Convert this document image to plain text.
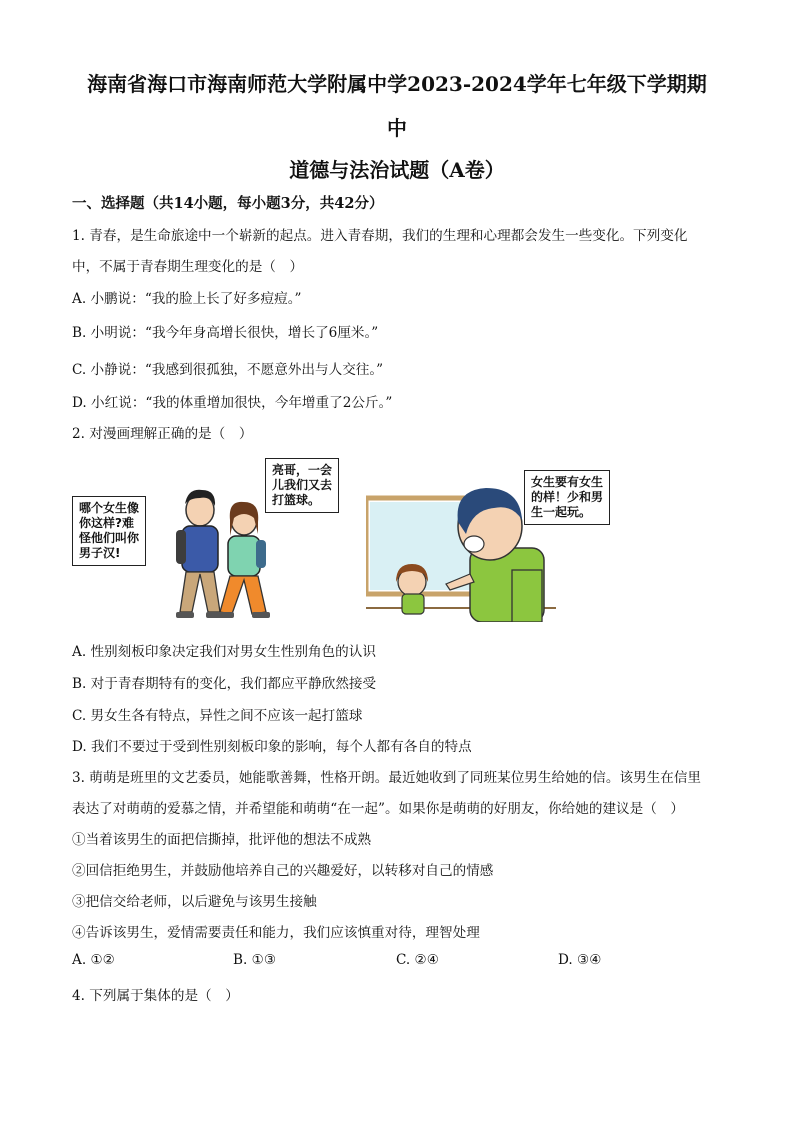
海南省海口市海南师范大学附属中学2023-2024学年七年级下学期期
中
道德与法治试题（A卷）
一、选择题（共14小题，每小题3分，共42分）
1. 青春，是生命旅途中一个崭新的起点。进入青春期，我们的生理和心理都会发生一些变化。下列变化
中，不属于青春期生理变化的是（　）
A. 小鹏说：“我的脸上长了好多痘痘。”
B. 小明说：“我今年身高增长很快，增长了6厘米。”
C. 小静说：“我感到很孤独，不愿意外出与人交往。”
D. 小红说：“我的体重增加很快，今年增重了2公斤。”
2. 对漫画理解正确的是（　）
哪个女生像
你这样?难
怪他们叫你
男子汉!
亮哥，一会
儿我们又去
打篮球。
女生要有女生
的样！少和男
生一起玩。
A. 性别刻板印象决定我们对男女生性别角色的认识
B. 对于青春期特有的变化，我们都应平静欣然接受
C. 男女生各有特点，异性之间不应该一起打篮球
D. 我们不要过于受到性别刻板印象的影响，每个人都有各自的特点
3. 萌萌是班里的文艺委员，她能歌善舞，性格开朗。最近她收到了同班某位男生给她的信。该男生在信里
表达了对萌萌的爱慕之情，并希望能和萌萌“在一起”。如果你是萌萌的好朋友，你给她的建议是（　）
①当着该男生的面把信撕掉，批评他的想法不成熟
②回信拒绝男生，并鼓励他培养自己的兴趣爱好，以转移对自己的情感
③把信交给老师，以后避免与该男生接触
④告诉该男生，爱情需要责任和能力，我们应该慎重对待，理智处理
A. ①②	B. ①③	C. ②④	D. ③④
4. 下列属于集体的是（　）
